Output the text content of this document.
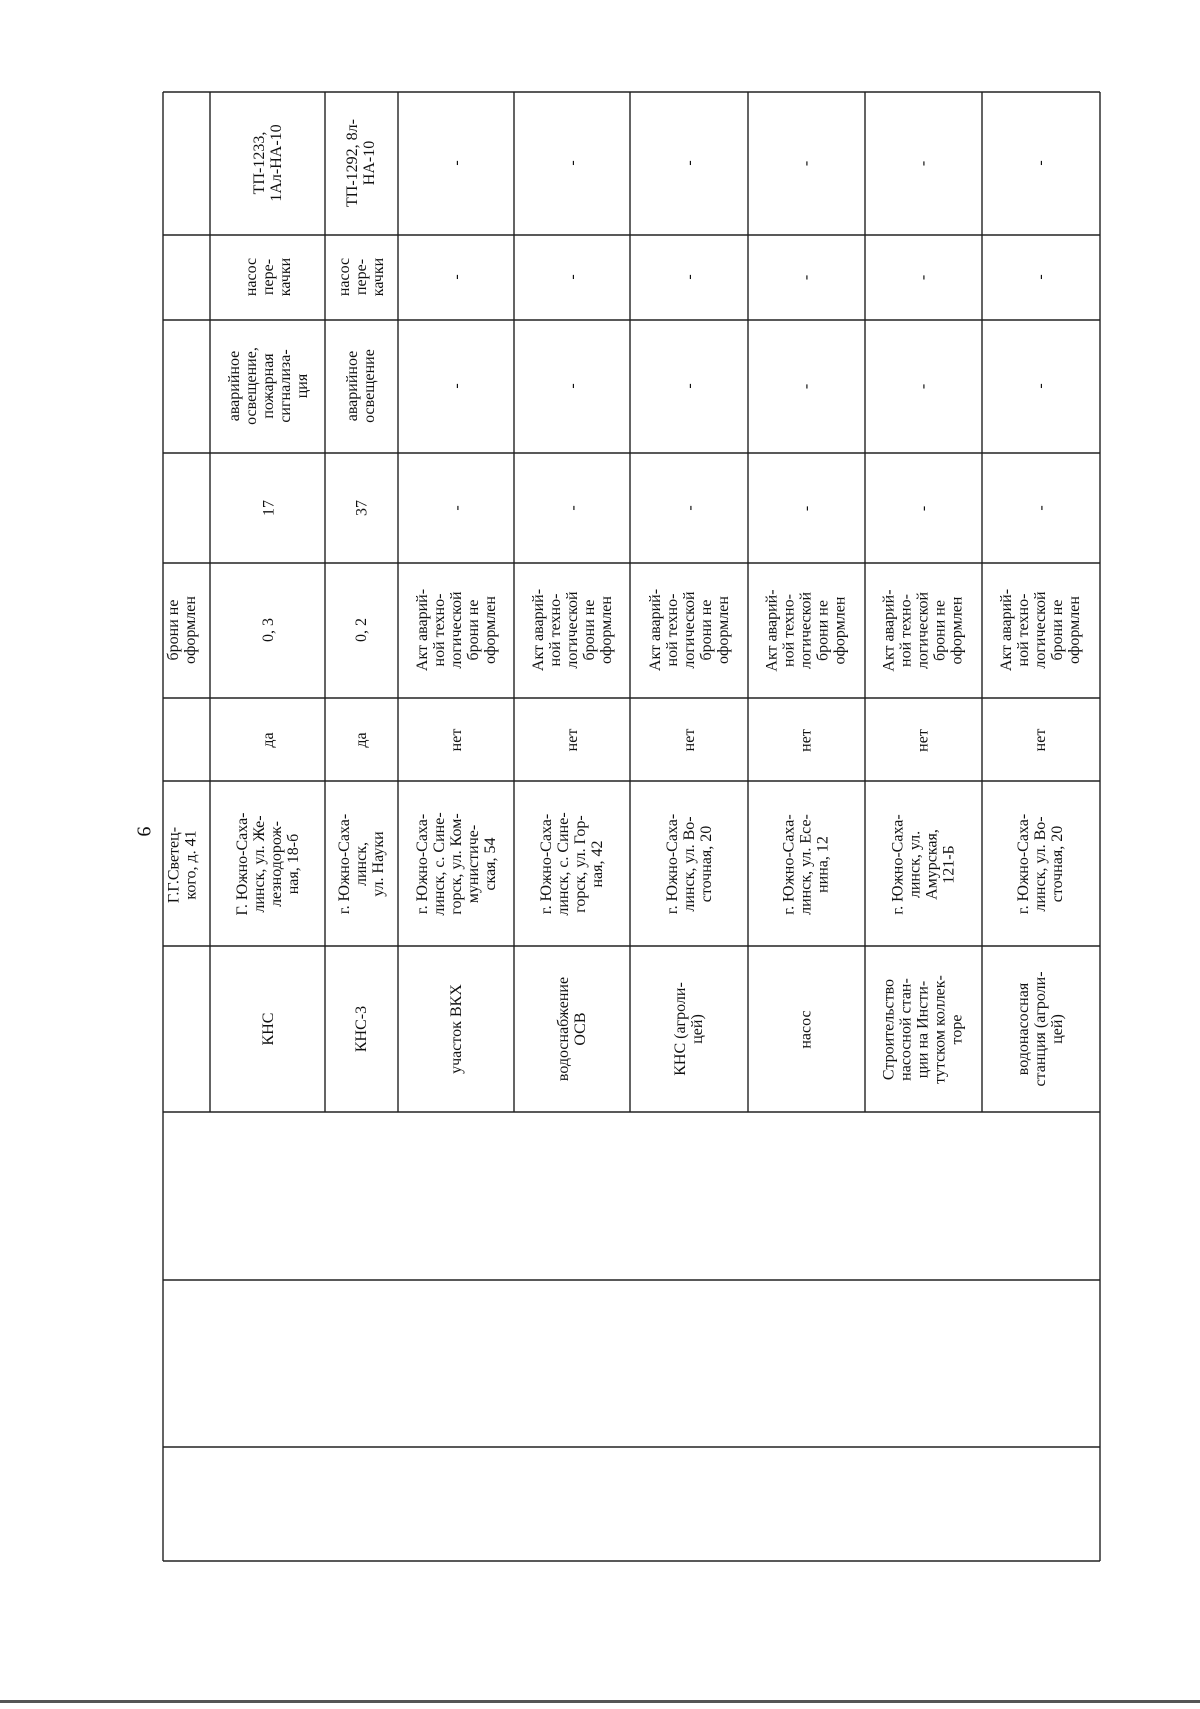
9 Г.Г.Светец-
кого, д. 41
брони не
оформлен
КНС
Г. Южно-Саха-
линск, ул. Же-
лезнодорож-
ная, 18-б
да
0, 3
17
аварийное
освещение,
пожарная
сигнализа-
ция
насос
пере-
качки
ТП-1233,
1Ал-НА-10
КНС-3
г. Южно-Саха-
линск,
ул. Науки
да
0, 2
37
аварийное
освещение
насос
пере-
качки
ТП-1292, 8л-
НА-10
участок ВКХ
г. Южно-Саха-
линск, с. Сине-
горск, ул. Ком-
мунистиче-
ская, 54
нет
Акт аварий-
ной техно-
логической
брони не
оформлен
-
-
-
-
водоснабжение
ОСВ
г. Южно-Саха-
линск, с. Сине-
горск, ул. Гор-
ная, 42
нет
Акт аварий-
ной техно-
логической
брони не
оформлен
-
-
-
-
КНС (агроли-
цей)
г. Южно-Саха-
линск, ул. Во-
сточная, 20
нет
Акт аварий-
ной техно-
логической
брони не
оформлен
-
-
-
-
насос
г. Южно-Саха-
линск, ул. Есе-
нина, 12
нет
Акт аварий-
ной техно-
логической
брони не
оформлен
-
-
-
-
Строительство
насосной стан-
ции на Инсти-
тутском коллек-
торе
г. Южно-Саха-
линск, ул.
Амурская,
121-Б
нет
Акт аварий-
ной техно-
логической
брони не
оформлен
-
-
-
-
водонасосная
станция (агроли-
цей)
г. Южно-Саха-
линск, ул. Во-
сточная, 20
нет
Акт аварий-
ной техно-
логической
брони не
оформлен
-
-
-
-
